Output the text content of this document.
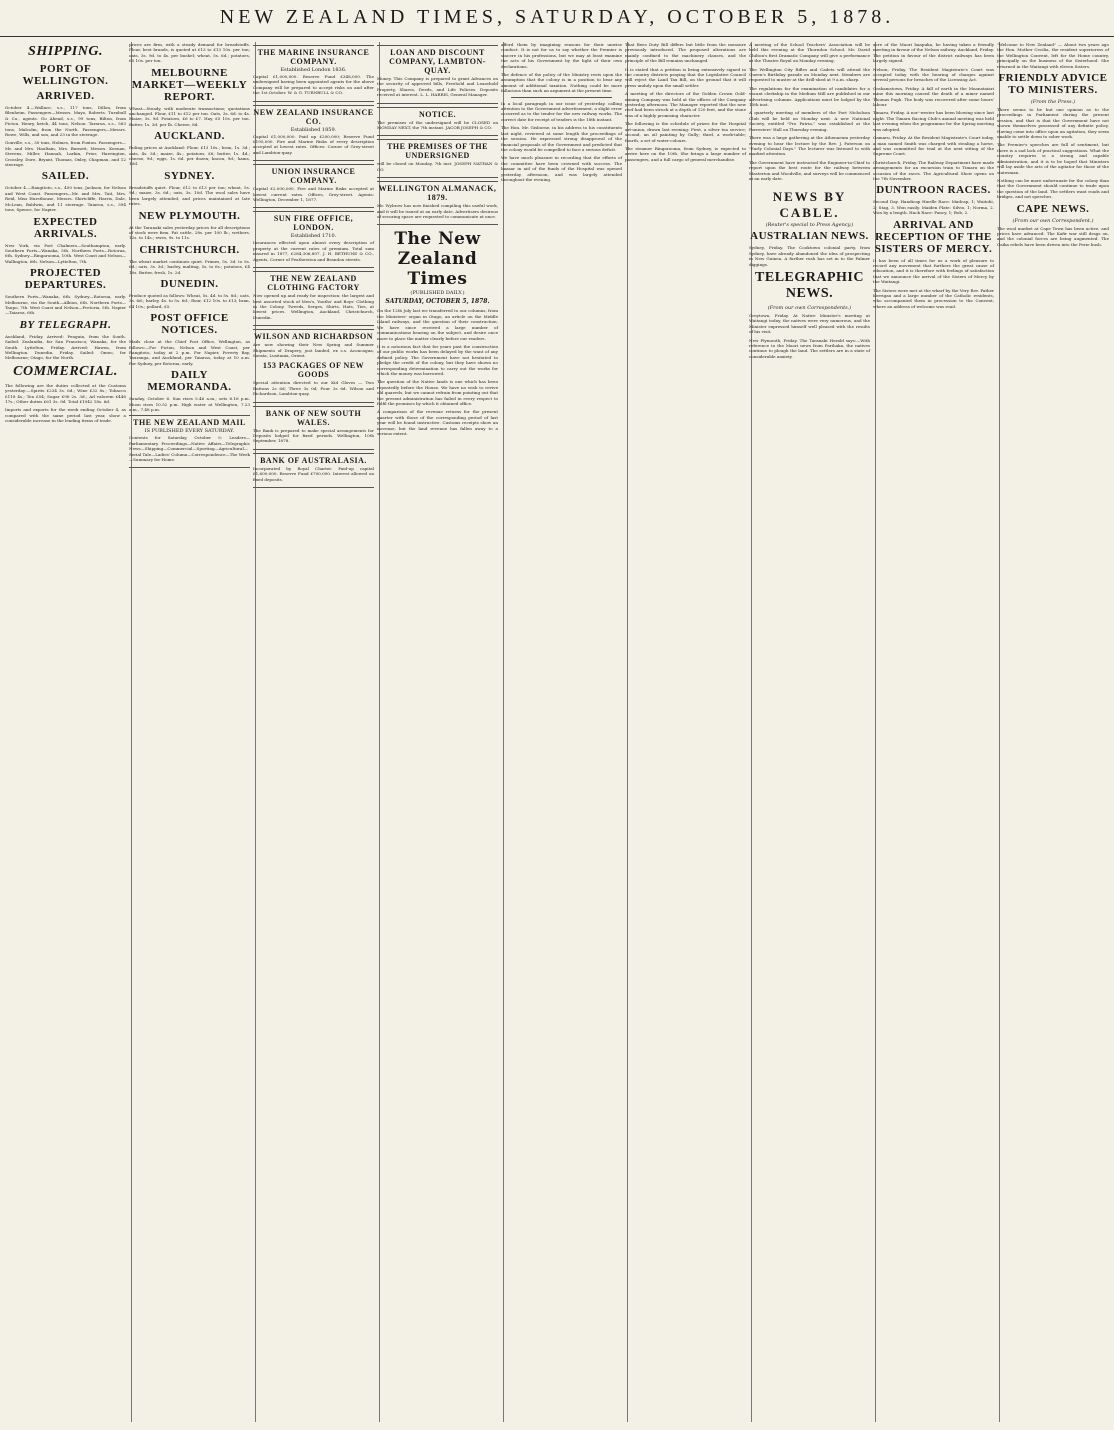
NEW ZEALAND TIMES, SATURDAY, OCTOBER 5, 1878.
SHIPPING.
PORT OF WELLINGTON.
ARRIVED.

October 4.—Wallace, s.s., 117 tons, Dillon, from Blenheim. Passengers—Messrs. Mayo, Roberts. Turnbull & Co., agents. Go Ahead, s.s., 99 tons, Bilton, from Picton. Henry, ketch, 44 tons, Nelson. Tararoa, s.s., 563 tons, Malcolm, from the North. Passengers—Messrs. Rowe, Wills, and son, and 23 in the steerage.

Gonville, s.s., 30 tons, Holmes, from Foxton. Passengers—Mr. and Mrs. Haultain, Mrs. Burnett, Messrs. Keenan, Stevens, Miller, Hannah, Larkin, Prior, Harrington, Crossley, Dore, Bryant, Thomas, Oxley, Chapman, and 12 steerage.

SAILED.

October 4.—Rangitoto, s.s., 450 tons, Jackson, for Nelson and West Coast. Passengers—Mr. and Mrs. Tait, Mrs. Reid, Miss Hursthouse, Messrs. Shirtcliffe, Harris, Dale, McLean, Baldwin, and 11 steerage. Taiaroa, s.s., 394 tons, Spence, for Napier.

EXPECTED ARRIVALS.

New York, via Port Chalmers—Southampton, early. Southern Ports—Wanaka, 5th. Northern Ports—Rotorua, 6th. Sydney—Ringarooma, 10th. West Coast and Nelson—Wallington, 6th. Nelson—Lyttelton, 7th.

PROJECTED DEPARTURES.

Southern Ports—Wanaka, 6th. Sydney—Rotorua, early. Melbourne, via the South—Albion, 6th. Northern Ports—Taupo, 7th. West Coast and Nelson—Pretoria, 5th. Napier—Taiaroa, 6th.

BY TELEGRAPH.

Auckland, Friday. Arrived: Penguin, from the South. Sailed: Zealandia, for San Francisco; Wanaka, for the South. Lyttelton, Friday. Arrived: Hawea, from Wellington. Dunedin, Friday. Sailed: Omeo, for Melbourne; Otago, for the North.

COMMERCIAL.

The following are the duties collected at the Customs yesterday:—Spirits £234 3s. 6d.; Wine £32 8s.; Tobacco £118 4s.; Tea £54; Sugar £96 2s. 3d.; Ad valorem £446 17s.; Other duties £61 3s. 9d. Total £1042 18s. 6d.

Imports and exports for the week ending October 4, as compared with the same period last year, show a considerable increase in the leading items of trade.

prices are firm, with a steady demand for breadstuffs. Flour, best brands, is quoted at £13 to £13 10s. per ton; oats, 3s. 9d. to 4s. per bushel; wheat, 5s. 6d.; potatoes, £5 10s. per ton.

MELBOURNE MARKET—WEEKLY REPORT.

Wheat—Steady, with moderate transactions; quotations unchanged. Flour, £11 to £12 per ton. Oats, 3s. 6d. to 4s. Maize, 3s. 9d. Potatoes, £6 to £7. Hay, £5 10s. per ton. Butter, 1s. 3d. per lb. Cheese, 8d.

AUCKLAND.

Ruling prices at Auckland: Flour, £13 10s.; bran, 1s. 3d.; oats, 4s. 3d.; maize, 4s.; potatoes, £6; butter, 1s. 4d.; cheese, 9d.; eggs, 1s. 6d. per dozen; bacon, 9d.; hams, 10d.

SYDNEY.

Breadstuffs quiet. Flour, £12 to £13 per ton; wheat, 5s. 9d.; maize, 3s. 6d.; oats, 3s. 10d. The wool sales have been largely attended, and prices maintained at late rates.

NEW PLYMOUTH.

At the Taranaki sales yesterday prices for all descriptions of stock were firm. Fat cattle, 28s. per 100 lb.; wethers, 12s. to 14s.; ewes, 9s. to 11s.

CHRISTCHURCH.

The wheat market continues quiet. Primes, 5s. 3d. to 5s. 6d.; oats, 3s. 3d.; barley, malting, 5s. to 6s.; potatoes, £4 10s. Butter, fresh, 1s. 2d.

DUNEDIN.

Produce quoted as follows: Wheat, 5s. 4d. to 5s. 8d.; oats, 3s. 6d.; barley, 4s. to 5s. 6d.; flour, £12 10s. to £13; bran, £4 10s.; pollard, £5.

POST OFFICE NOTICES.

Mails close at the Chief Post Office, Wellington, as follows:—For Picton, Nelson and West Coast, per Rangitoto, today at 2 p.m. For Napier, Poverty Bay, Tauranga, and Auckland, per Taiaroa, today at 10 a.m. For Sydney, per Rotorua, early.

DAILY MEMORANDA.

Sunday, October 6. Sun rises 5.46 a.m.; sets 6.16 p.m. Moon rises 10.52 p.m. High water at Wellington, 7.23 a.m., 7.48 p.m.

THE NEW ZEALAND MAIL
IS PUBLISHED EVERY SATURDAY.

Contents for Saturday, October 5: Leaders—Parliamentary Proceedings—Native Affairs—Telegraphic News—Shipping—Commercial—Sporting—Agricultural—Serial Tale—Ladies' Column—Correspondence—The Week—Summary for Home.

THE MARINE INSURANCE COMPANY.
Established London 1836.

Capital £1,000,000. Reserve Fund £348,000. The undersigned having been appointed agents for the above Company will be prepared to accept risks on and after the 1st October. W. & G. TURNBULL & CO.

NEW ZEALAND INSURANCE CO.
Established 1859.

Capital £1,000,000. Paid up £200,000; Reserve Fund £195,000. Fire and Marine Risks of every description accepted at lowest rates. Offices: Corner of Grey-street and Lambton-quay.

UNION INSURANCE COMPANY.

Capital £2,000,000. Fire and Marine Risks accepted at lowest current rates. Offices, Grey-street. Agents: Wellington, December 1, 1877.

SUN FIRE OFFICE, LONDON.
Established 1710.

Insurances effected upon almost every description of property at the current rates of premium. Total sum insured in 1877, £284,306,897. J. H. BETHUNE & CO., Agents, Corner of Featherston and Brandon streets.

THE NEW ZEALAND CLOTHING FACTORY

Now opened up and ready for inspection: the largest and best assorted stock of Men's, Youths' and Boys' Clothing in the Colony. Tweeds, Serges, Shirts, Hats, Ties, at lowest prices. Wellington, Auckland, Christchurch, Dunedin.

WILSON AND RICHARDSON

Are now showing their New Spring and Summer Shipments of Drapery, just landed, ex s.s. Aconcagua, Sorata, Lusitania, Orient.

153 PACKAGES OF NEW GOODS

Special attention directed to our Kid Gloves — Two Buttons 2s 6d; Three 3s 0d; Four 3s 6d. Wilson and Richardson, Lambton-quay.

BANK OF NEW SOUTH WALES.

The Bank is prepared to make special arrangements for Deposits lodged for fixed periods. Wellington, 10th September, 1878.

BANK OF AUSTRALASIA.

Incorporated by Royal Charter. Paid-up capital £1,600,000. Reserve Fund £700,000. Interest allowed on fixed deposits.

LOAN AND DISCOUNT COMPANY, LAMBTON-QUAY.

Money. This Company is prepared to grant Advances on the security of approved bills, Freehold and Leasehold Property, Shares, Deeds, and Life Policies. Deposits received at interest. L. L. HARRIS, General Manager.

NOTICE.

The premises of the undersigned will be CLOSED on MONDAY NEXT, the 7th instant. JACOB JOSEPH & CO.

THE PREMISES OF THE UNDERSIGNED

will be closed on Monday, 7th inst. JOSEPH NATHAN & CO.

WELLINGTON ALMANACK, 1879.

Mr. Wybrow has now finished compiling this useful work, and it will be issued at an early date. Advertisers desirous of securing space are requested to communicate at once.

The New Zealand Times
(PUBLISHED DAILY.)
SATURDAY, OCTOBER 5, 1878.

On the 12th July last we transferred to our columns, from the Ministers' organ in Otago, an article on the Middle Island railways, and the question of their construction. We have since received a large number of communications bearing on the subject, and desire once more to place the matter clearly before our readers.

It is a notorious fact that for years past the construction of our public works has been delayed by the want of any defined policy. The Government have not hesitated to pledge the credit of the colony, but they have shown no corresponding determination to carry out the works for which the money was borrowed.

The question of the Native lands is one which has been repeatedly before the House. We have no wish to revive old quarrels, but we cannot refrain from pointing out that the present administration has failed in every respect to fulfil the promises by which it obtained office.

A comparison of the revenue returns for the present quarter with those of the corresponding period of last year will be found instructive. Customs receipts show an increase, but the land revenue has fallen away to a serious extent.

afford them by imagining reasons for their unwise conduct. It is not for us to say whether the Premier is sincere in his professions, but we may at least examine the acts of his Government by the light of their own declarations.

The defence of the policy of the Ministry rests upon the assumption that the colony is in a position to bear any amount of additional taxation. Nothing could be more fallacious than such an argument at the present time.

In a local paragraph in our issue of yesterday, calling attention to the Government advertisement, a slight error occurred as to the tender for the new railway works. The correct date for receipt of tenders is the 18th instant.

The Hon. Mr. Gisborne, in his address to his constituents last night, reviewed at some length the proceedings of the session. He expressed strong disapproval of the financial proposals of the Government and predicted that the colony would be compelled to face a serious deficit.

We have much pleasure in recording that the efforts of the committee have been crowned with success. The bazaar in aid of the funds of the Hospital was opened yesterday afternoon, and was largely attended throughout the evening.

That Bees Duty Bill differs but little from the measure previously introduced. The proposed alterations are mainly confined to the machinery clauses, and the principle of the Bill remains unchanged.

It is stated that a petition is being extensively signed in the country districts praying that the Legislative Council will reject the Land Tax Bill, on the ground that it will press unduly upon the small settler.

A meeting of the directors of the Golden Crown Gold-mining Company was held at the offices of the Company yesterday afternoon. The Manager reported that the new reef had been struck at a depth of 120 feet, and the stone was of a highly promising character.

The following is the schedule of prizes for the Hospital art-union, drawn last evening: First, a silver tea service; second, an oil painting by Gully; third, a work-table; fourth, a set of water-colours.

The steamer Ringarooma, from Sydney, is expected to arrive here on the 10th. She brings a large number of passengers, and a full cargo of general merchandise.

A meeting of the School Teachers' Association will be held this evening at the Thorndon School. Mr. David Chilton's first Dramatic Company will give a performance at the Theatre Royal on Monday evening.

The Wellington City Rifles and Cadets will attend the Queen's Birthday parade on Monday next. Members are requested to muster at the drill-shed at 9 a.m. sharp.

The regulations for the examination of candidates for a vacant clerkship in the Medium Mill are published in our advertising columns. Applications must be lodged by the 15th inst.

A quarterly meeting of members of the Port Nicholson Club will be held on Monday next. A new National Society, entitled "Pro Patria," was established at the Forresters' Hall on Thursday evening.

There was a large gathering at the Athenaeum yesterday evening to hear the lecture by the Rev. J. Paterson on "Early Colonial Days." The lecturer was listened to with marked attention.

The Government have instructed the Engineer-in-Chief to report upon the best route for the railway between Masterton and Woodville, and surveys will be commenced at an early date.

NEWS BY CABLE.
(Reuter's special to Press Agency.)
AUSTRALIAN NEWS.

Sydney, Friday. The Cooktown colonial party, from Sydney, have already abandoned the idea of prospecting in New Guinea. A further rush has set in to the Palmer diggings.

TELEGRAPHIC NEWS.
(From our own Correspondents.)

Greytown, Friday. At Native Minister's meeting at Waitangi today, the natives were very numerous, and the Minister expressed himself well pleased with the results of his visit.

New Plymouth, Friday. The Taranaki Herald says:—With reference to the Maori news from Parihaka, the natives continue to plough the land. The settlers are in a state of considerable anxiety.

acre of the Maori haapuka, he having taken a friendly meeting in favour of the Nelson railway. Auckland, Friday. The petition in favour of the district railways has been largely signed.

Nelson, Friday. The Resident Magistrate's Court was occupied today with the hearing of charges against several persons for breaches of the Licensing Act.

Grahamstown, Friday. A fall of earth in the Moanataiari mine this morning caused the death of a miner named Thomas Pugh. The body was recovered after some hours' labour.

Timaru, Friday. A nor'-wester has been blowing since last night. The Timaru Racing Club's annual meeting was held last evening when the programme for the Spring meeting was adopted.

Oamaru, Friday. At the Resident Magistrate's Court today, a man named Smith was charged with stealing a horse, and was committed for trial at the next sitting of the Supreme Court.

Christchurch, Friday. The Railway Department have made arrangements for an excursion train to Timaru on the occasion of the races. The Agricultural Show opens on the 7th November.

DUNTROON RACES.

Second Day. Handicap Hurdle Race: Madcap, 1; Waitohi, 2; Stag, 3. Won easily. Maiden Plate: Silvio, 1; Norma, 2. Won by a length. Hack Race: Fancy, 1; Bob, 2.

ARRIVAL AND RECEPTION OF THE SISTERS OF MERCY.

It has been of all times for us a work of pleasure to record any movement that furthers the great cause of education, and it is therefore with feelings of satisfaction that we announce the arrival of the Sisters of Mercy by the Waitangi.

The Sisters were met at the wharf by the Very Rev. Father Kerrigan and a large number of the Catholic residents, who accompanied them in procession to the Convent, where an address of welcome was read.

"Welcome to New Zealand" — About two years ago the Hon. Mother Cecilia, the resident superioress of the Wellington Convent, left for the Home country, principally on the business of the Sisterhood. She returned in the Waitangi with eleven Sisters.

FRIENDLY ADVICE TO MINISTERS.
(From the Press.)

There seems to be but one opinion as to the proceedings in Parliament during the present session, and that is that the Government have not shown themselves possessed of any definite policy. Having come into office upon an agitation, they seem unable to settle down to sober work.

The Premier's speeches are full of sentiment, but there is a sad lack of practical suggestions. What the country requires is a strong and capable administration, and it is to be hoped that Ministers will lay aside the arts of the agitator for those of the statesman.

Nothing can be more unfortunate for the colony than that the Government should continue to trade upon the question of the land. The settlers want roads and bridges, and not speeches.

CAPE NEWS.
(From our own Correspondent.)

The wool market at Cape Town has been active, and prices have advanced. The Kafir war still drags on, and the colonial forces are being augmented. The Gaika rebels have been driven into the Perie bush.
